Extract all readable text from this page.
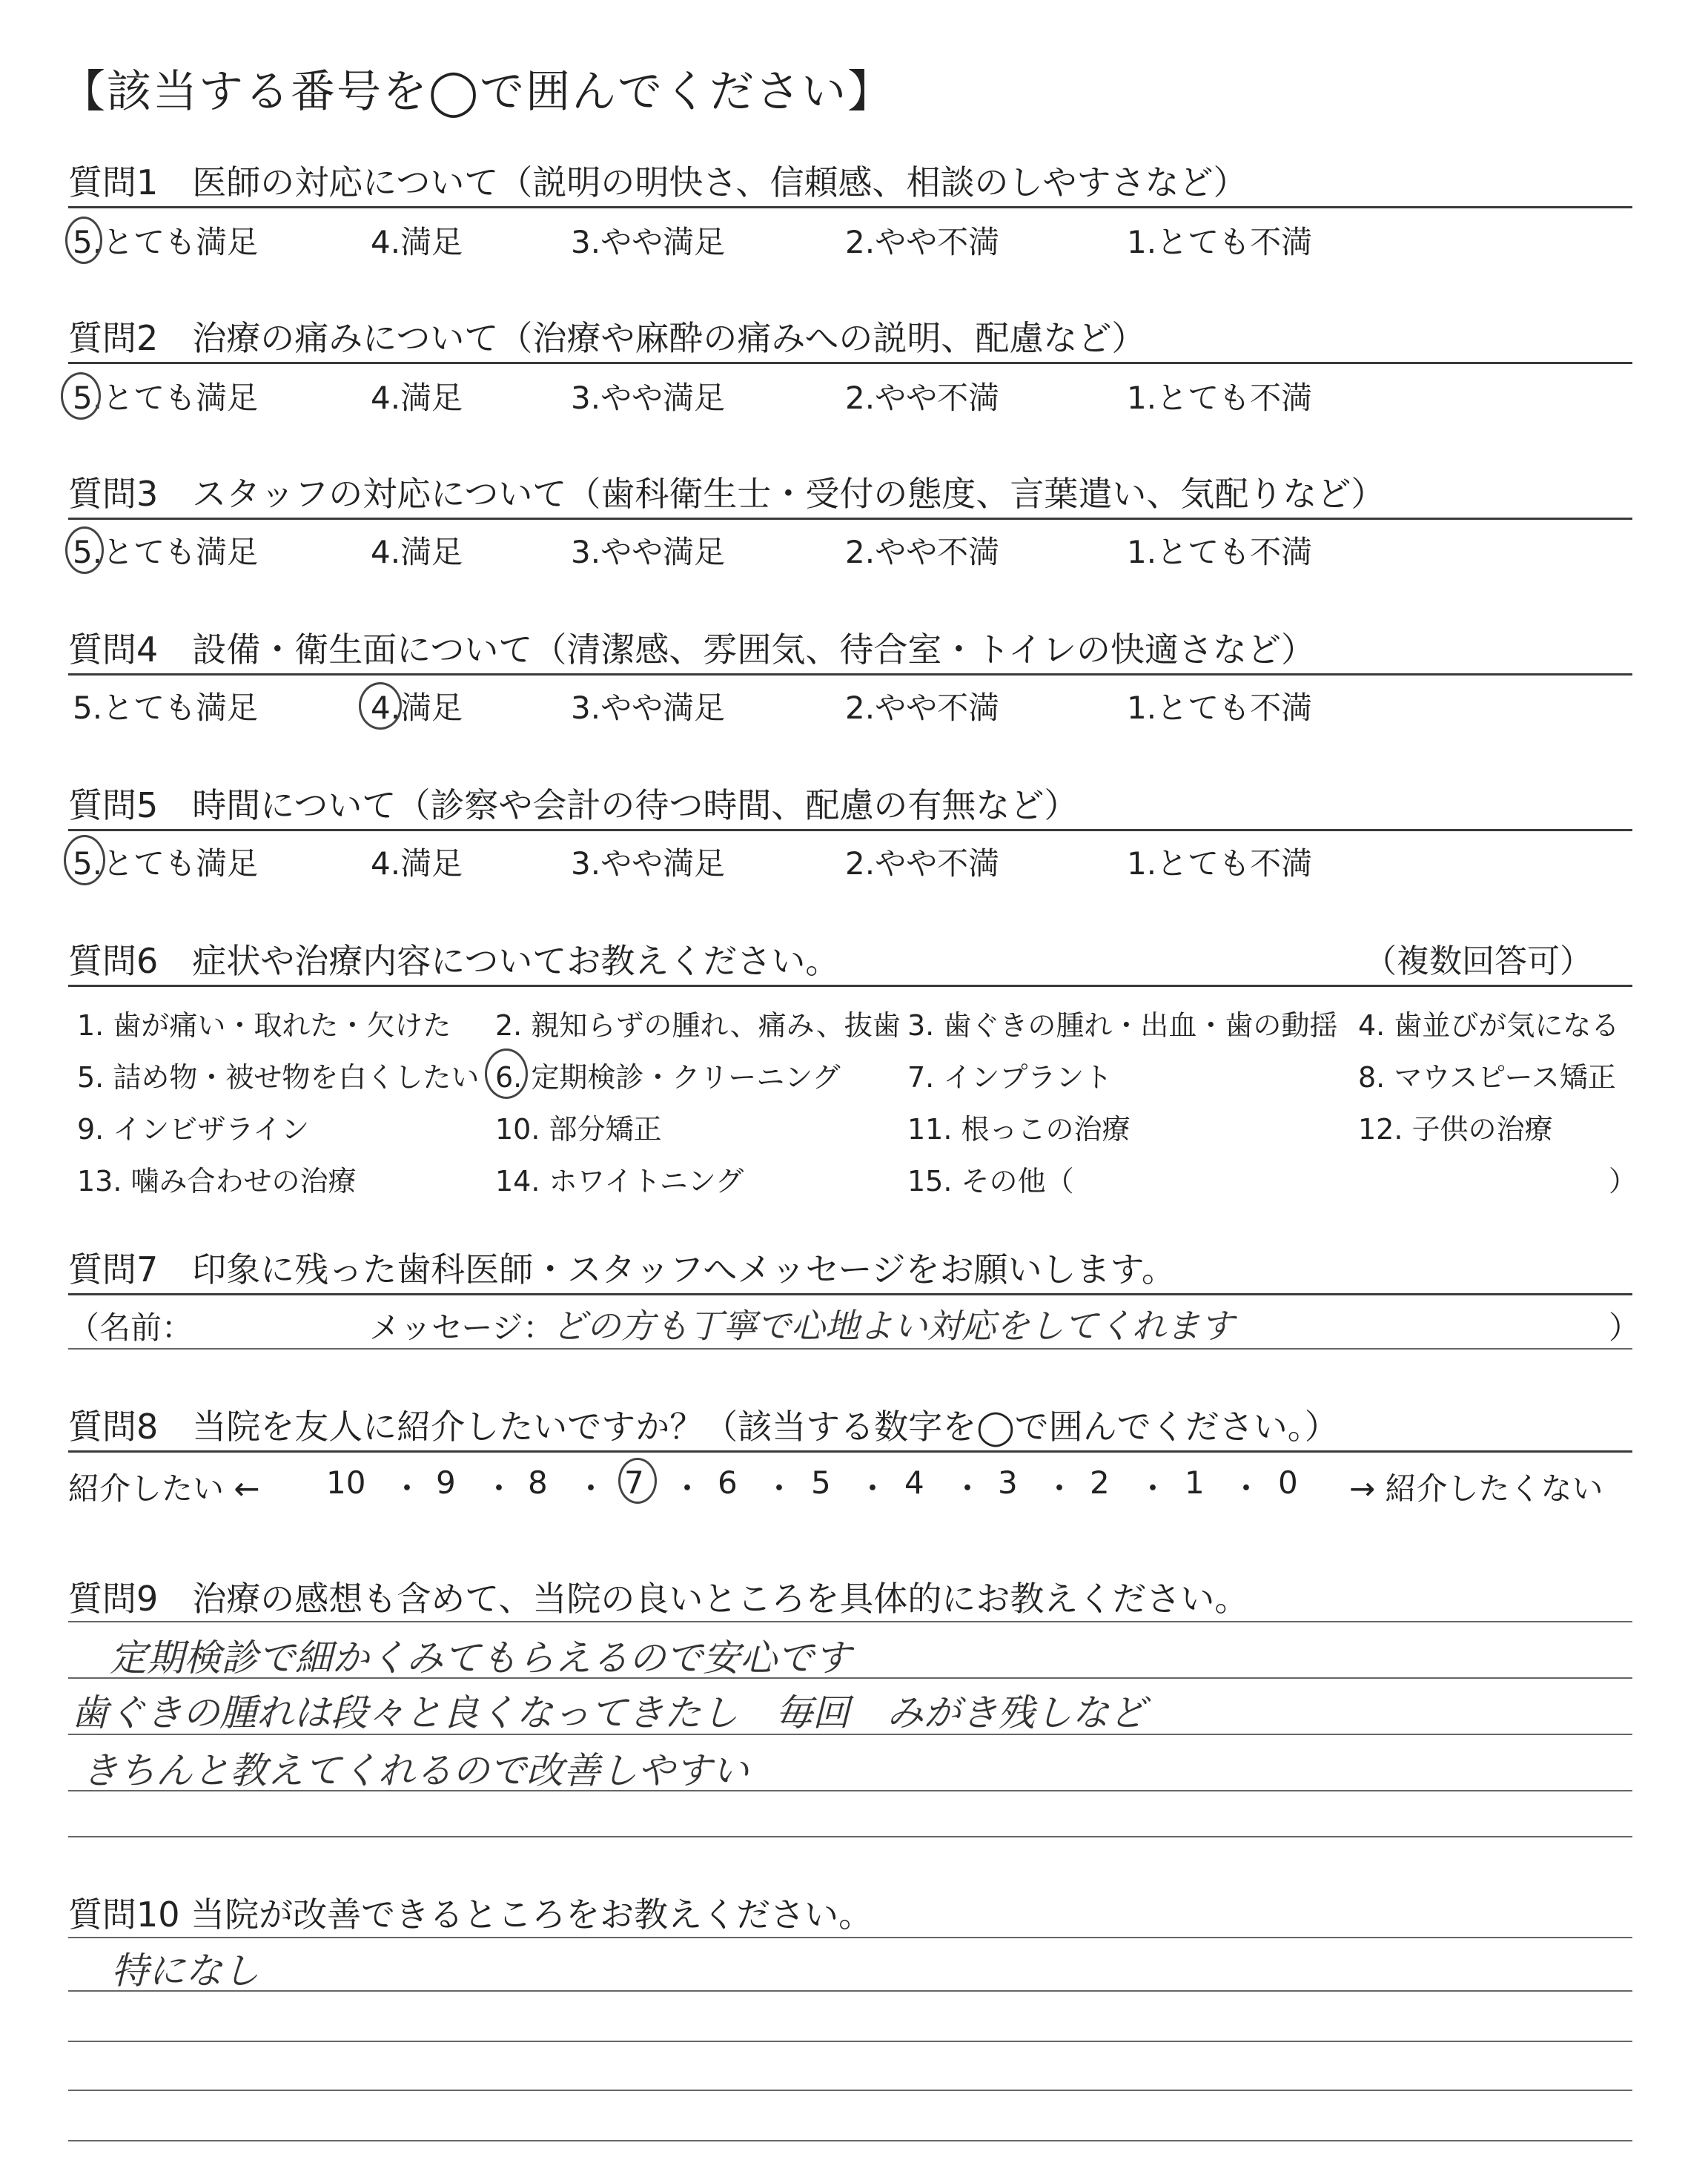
【該当する番号を◯で囲んでください】
質問1　医師の対応について（説明の明快さ、信頼感、相談のしやすさなど）
5.とても満足	4.満足	3.やや満足	2.やや不満	1.とても不満
質問2　治療の痛みについて（治療や麻酔の痛みへの説明、配慮など）
5.とても満足	4.満足	3.やや満足	2.やや不満	1.とても不満
質問3　スタッフの対応について（歯科衛生士・受付の態度、言葉遣い、気配りなど）
5.とても満足	4.満足	3.やや満足	2.やや不満	1.とても不満
質問4　設備・衛生面について（清潔感、雰囲気、待合室・トイレの快適さなど）
5.とても満足	4.満足	3.やや満足	2.やや不満	1.とても不満
質問5　時間について（診察や会計の待つ時間、配慮の有無など）
5.とても満足	4.満足	3.やや満足	2.やや不満	1.とても不満
質問6　症状や治療内容についてお教えください。	（複数回答可）
1. 歯が痛い・取れた・欠けた 2. 親知らずの腫れ、痛み、抜歯 3. 歯ぐきの腫れ・出血・歯の動揺 4. 歯並びが気になる
5. 詰め物・被せ物を白くしたい 6. 定期検診・クリーニング 7. インプラント	8. マウスピース矯正
9. インビザライン	10. 部分矯正	11. 根っこの治療	12. 子供の治療
13. 噛み合わせの治療	14. ホワイトニング	15. その他（	）
質問7　印象に残った歯科医師・スタッフへメッセージをお願いします。
（名前：	メッセージ：
どの方も丁寧で心地よい対応をしてくれます	）
質問8　当院を友人に紹介したいですか？（該当する数字を◯で囲んでください。）
紹介したい ←	→ 紹介したくない
10 ・ 9 ・ 8 ・ 7 ・ 6 ・ 5 ・ 4 ・ 3 ・ 2 ・ 1 ・ 0
質問9　治療の感想も含めて、当院の良いところを具体的にお教えください。
定期検診で細かくみてもらえるので安心です
歯ぐきの腫れは段々と良くなってきたし　毎回　みがき残しなど
きちんと教えてくれるので改善しやすい
質問10 当院が改善できるところをお教えください。
特になし
